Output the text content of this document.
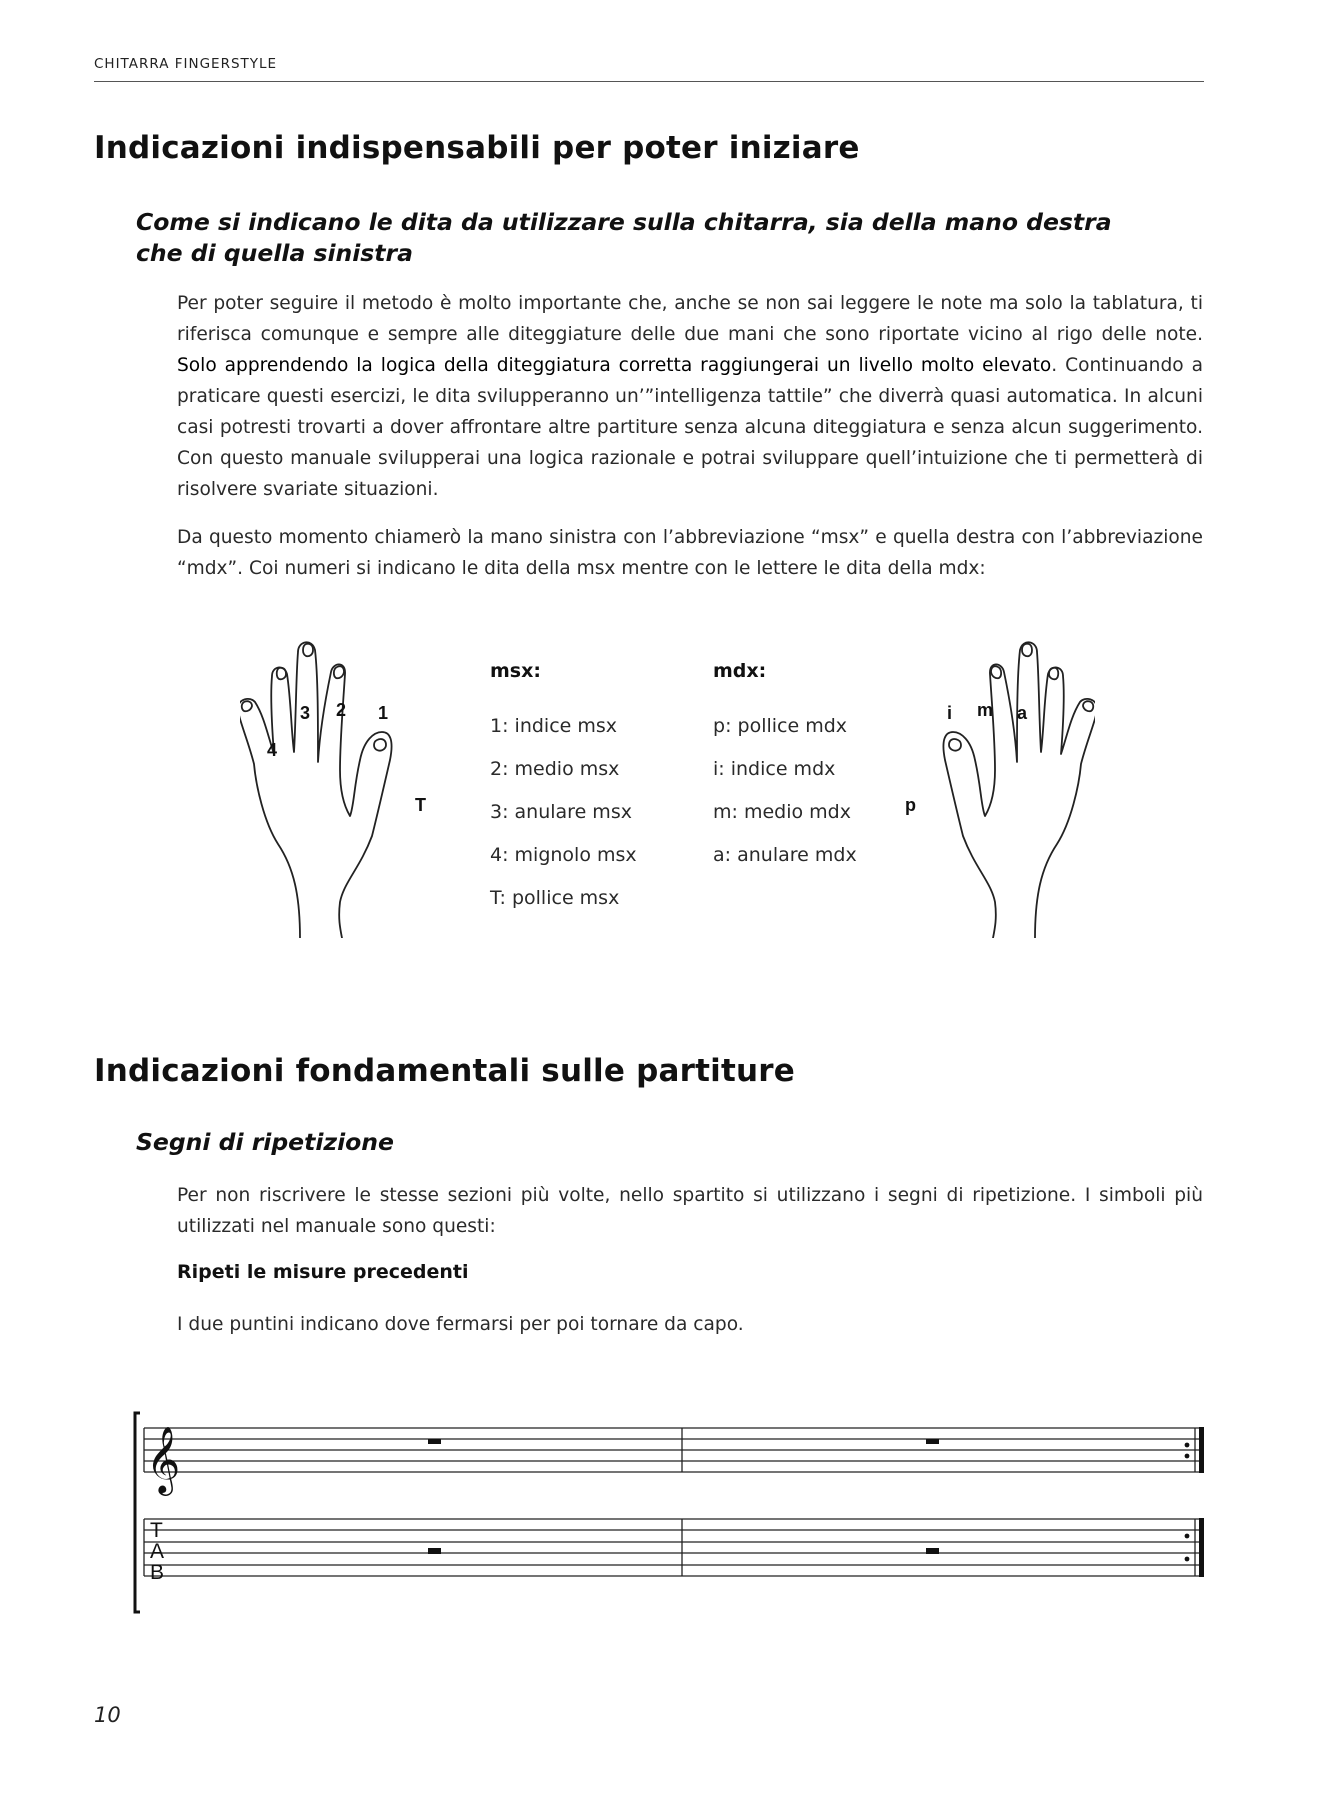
CHITARRA FINGERSTYLE
Indicazioni indispensabili per poter iniziare
Come si indicano le dita da utilizzare sulla chitarra, sia della mano destra
che di quella sinistra

Per poter seguire il metodo è molto importante che, anche se non sai leggere le note ma solo la tablatura, ti riferisca comunque e sempre alle diteggiature delle due mani che sono riportate vicino al rigo delle note. Solo apprendendo la logica della diteggiatura corretta raggiungerai un livello molto elevato. Continuando a praticare questi esercizi, le dita svilupperanno un’”intelligenza tattile” che diverrà quasi automatica. In alcuni casi potresti trovarti a dover affrontare altre partiture senza alcuna diteggiatura e senza alcun suggerimento. Con questo manuale svilupperai una logica razionale e potrai sviluppare quell’intuizione che ti permetterà di risolvere svariate situazioni.

Da questo momento chiamerò la mano sinistra con l’abbreviazione “msx” e quella destra con l’abbreviazione “mdx”. Coi numeri si indicano le dita della msx mentre con le lettere le dita della mdx:

1
2
3
4
T
msx:
1: indice msx
2: medio msx
3: anulare msx
4: mignolo msx
T: pollice msx
mdx:
p: pollice mdx
i: indice mdx
m: medio mdx
a: anulare mdx
i m a
p
Indicazioni fondamentali sulle partiture
Segni di ripetizione

Per non riscrivere le stesse sezioni più volte, nello spartito si utilizzano i segni di ripetizione. I simboli più utilizzati nel manuale sono questi:

Ripeti le misure precedenti

I due puntini indicano dove fermarsi per poi tornare da capo.

𝄞
T
A
B
10
